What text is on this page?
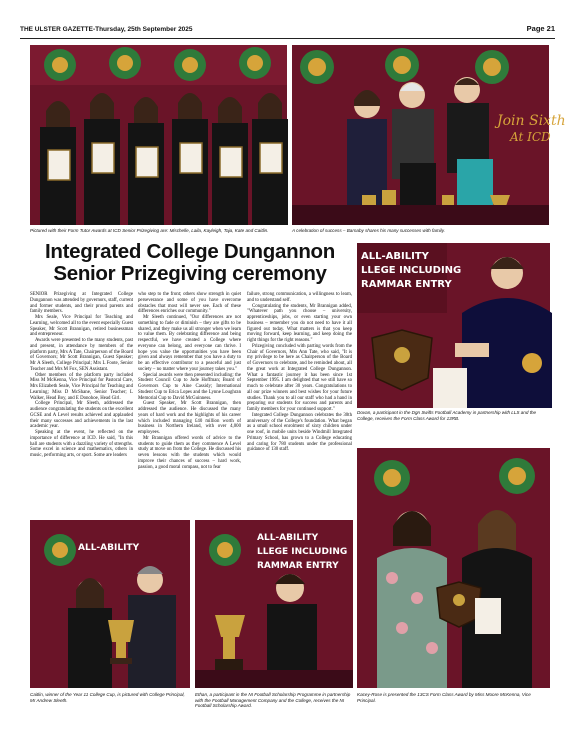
THE ULSTER GAZETTE-Thursday, 25th September 2025	Page 21
Pictured with their Form Tutor Awards at ICD Senior Prizegiving are: Mischelle, Laila, Kayleigh, Taja, Kate and Caitlin.
Join Sixth
At ICD
A celebration of success – Barnaby shares his many successes with family.
Integrated College Dungannon Senior Prizegiving ceremony

SENIOR Prizegiving at Integrated College Dungannon was attended by governors, staff, current and former students, and their proud parents and family members.

Mrs Seale, Vice Principal for Teaching and Learning, welcomed all to the event especially Guest Speaker, Mr Scott Brannigan, retired businessman and entrepreneur.

Awards were presented to the many students, past and present, in attendance by members of the platform party, Mrs A Tate, Chairperson of the Board of Governors; Mr Scott Brannigan, Guest Speaker; Mr A Sleeth, College Principal; Mrs L Foote, Senior Teacher and Mrs M Fox, SEN Assistant.

Other members of the platform party included Miss M McKenna, Vice Principal for Pastoral Care, Mrs Elizabeth Seale, Vice Principal for Teaching and Learning; Miss D McShane, Senior Teacher; L Walker, Head Boy, and E Donohoe, Head Girl.

College Principal, Mr Sleeth, addressed the audience congratulating the students on the excellent GCSE and A Level results achieved and applauded their many successes and achievements in the last academic year.

Speaking at the event, he reflected on the importance of difference at ICD. He said, "In this hall are students with a dazzling variety of strengths. Some excel in science and mathematics, others in music, performing arts, or sport. Some are leaders

who step to the front; others show strength in quiet perseverance and some of you have overcome obstacles that most will never see. Each of these differences enriches our community."

Mr Sleeth continued, "Our differences are not something to fade or diminish – they are gifts to be shared, and they make us all stronger when we learn to value them. By celebrating difference and being respectful, we have created a College where everyone can belong, and everyone can thrive. I hope you value the opportunities you have been given and always remember that you have a duty to be an effective contributor to a peaceful and just society – no matter where your journey takes you."

Special awards were then presented including: the Student Council Cup to Jude Hoffman; Board of Governors Cup to Aine Cassidy; International Student Cup to Erica Lopes and the Lynne Loughran Memorial Cup to David McGuinness.

Guest Speaker, Mr Scott Brannigan, then addressed the audience. He discussed the many years of hard work and the highlights of his career which included managing £40 million worth of business in Northern Ireland, with over 4,000 employees.

Mr Brannigan offered words of advice to the students to guide them as they commence A Level study at move on from the College. He discussed his seven lessons with the students which would improve their chances of success – hard work, passion, a good moral compass, not to fear

failure, strong communication, a willingness to learn, and to understand self.

Congratulating the students, Mr Brannigan added, "Whatever path you choose – university, apprenticeships, jobs, or even starting your own business – remember you do not need to have it all figured out today. What matters is that you keep moving forward, keep learning, and keep doing the right things for the right reasons."

Prizegiving concluded with parting words from the Chair of Governors, Mrs Ann Tate, who said, "It is my privilege to be here as Chairperson of the Board of Governors to celebrate, and be reminded about, all the great work at Integrated College Dungannon. What a fantastic journey it has been since 1st September 1995. I am delighted that we still have so much to celebrate after 30 years. Congratulations to all our prize winners and best wishes for your future studies. Thank you to all our staff who had a hand in preparing our students for success and parents and family members for your continued support."

Integrated College Dungannon celebrates the 30th anniversary of the College's foundation. What began as a small school enrolment of sixty children under one roof, in mobile units beside Windmill Integrated Primary School, has grown to a College educating and caring for 780 students under the professional guidance of 130 staff.

ALL-ABILITY
LLEGE INCLUDING
RAMMAR ENTRY
Dovan, a participant in the Dgn Swifts Football Academy in partnership with LLS and the College, receives the Form Class Award for 13RB.
ALL-ABILITY
Caitlin, winner of the Year 11 College Cup, is pictured with College Principal, Mr Andrew Sleeth.
ALL-ABILITY
LLEGE INCLUDING
RAMMAR ENTRY
Ethan, a participant in the NI Football Scholarship Programme in partnership with the Football Management Company and the College, receives the NI Football Scholarship Award.
Kacey-Rose is presented the 13CS Form Class Award by Miss Moore McKenna, Vice Principal.
